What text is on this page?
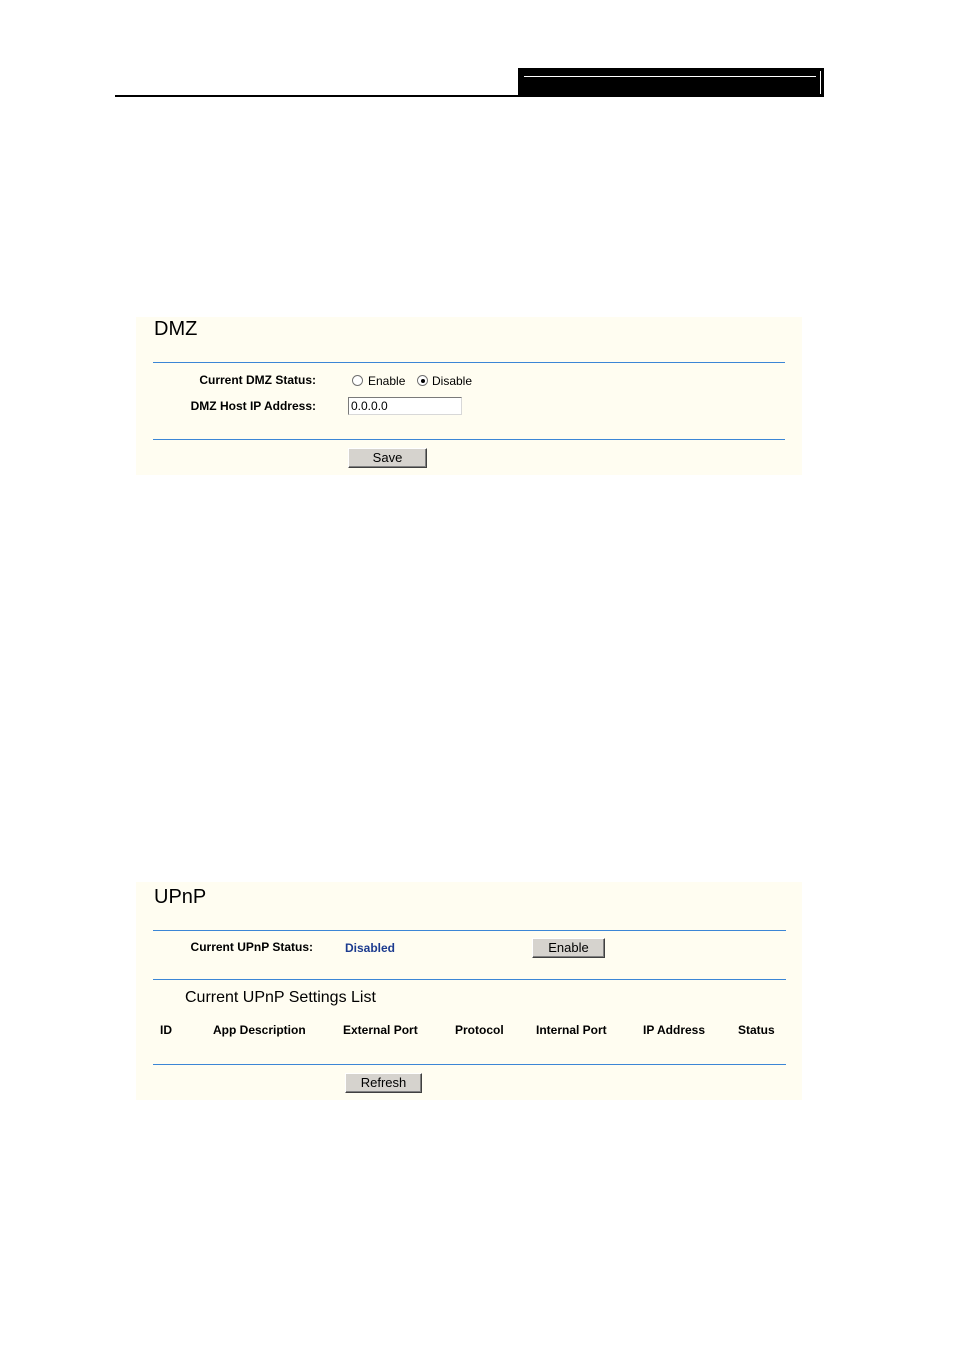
DMZ
Current DMZ Status:	Enable Disable
DMZ Host IP Address:	0.0.0.0
Save
UPnP
Current UPnP Status:	Disabled	Enable
Current UPnP Settings List
ID	App Description	External Port	Protocol	Internal Port	IP Address	Status
Refresh
